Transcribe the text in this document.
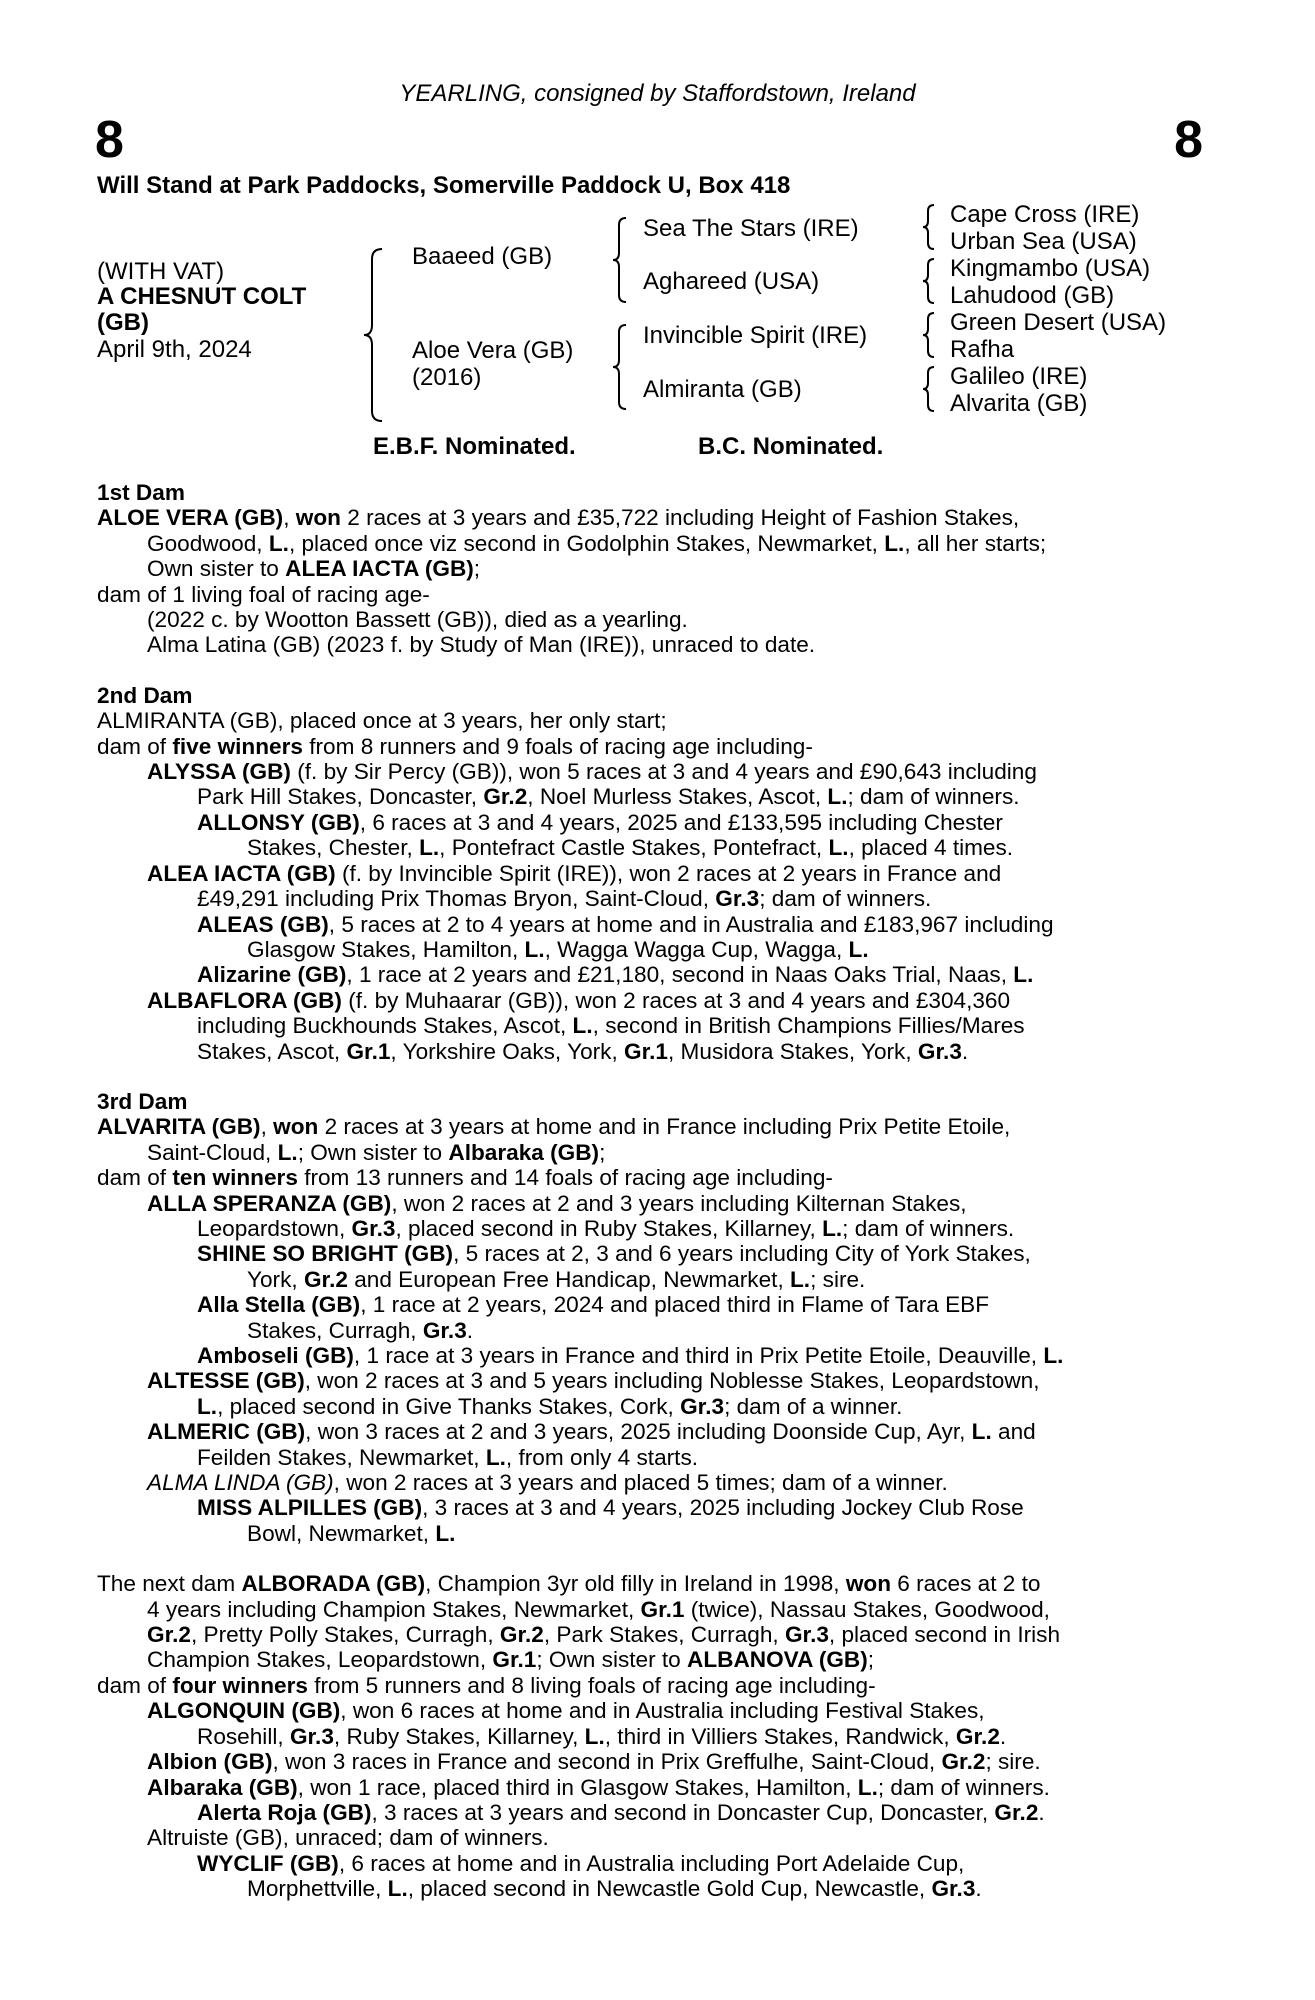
YEARLING, consigned by Staffordstown, Ireland
8	8
Will Stand at Park Paddocks, Somerville Paddock U, Box 418
(WITH VAT)
A CHESNUT COLT
(GB)
April 9th, 2024
Baaeed (GB)
Aloe Vera (GB)
(2016)
Sea The Stars (IRE)
Aghareed (USA)
Invincible Spirit (IRE)
Almiranta (GB)
Cape Cross (IRE)
Urban Sea (USA)
Kingmambo (USA)
Lahudood (GB)
Green Desert (USA)
Rafha
Galileo (IRE)
Alvarita (GB)
E.B.F. Nominated.	B.C. Nominated.

1st Dam

ALOE VERA (GB), won 2 races at 3 years and £35,722 including Height of Fashion Stakes,

Goodwood, L., placed once viz second in Godolphin Stakes, Newmarket, L., all her starts;

Own sister to ALEA IACTA (GB);

dam of 1 living foal of racing age-

(2022 c. by Wootton Bassett (GB)), died as a yearling.

Alma Latina (GB) (2023 f. by Study of Man (IRE)), unraced to date.

2nd Dam

ALMIRANTA (GB), placed once at 3 years, her only start;

dam of five winners from 8 runners and 9 foals of racing age including-

ALYSSA (GB) (f. by Sir Percy (GB)), won 5 races at 3 and 4 years and £90,643 including

Park Hill Stakes, Doncaster, Gr.2, Noel Murless Stakes, Ascot, L.; dam of winners.

ALLONSY (GB), 6 races at 3 and 4 years, 2025 and £133,595 including Chester

Stakes, Chester, L., Pontefract Castle Stakes, Pontefract, L., placed 4 times.

ALEA IACTA (GB) (f. by Invincible Spirit (IRE)), won 2 races at 2 years in France and

£49,291 including Prix Thomas Bryon, Saint-Cloud, Gr.3; dam of winners.

ALEAS (GB), 5 races at 2 to 4 years at home and in Australia and £183,967 including

Glasgow Stakes, Hamilton, L., Wagga Wagga Cup, Wagga, L.

Alizarine (GB), 1 race at 2 years and £21,180, second in Naas Oaks Trial, Naas, L.

ALBAFLORA (GB) (f. by Muhaarar (GB)), won 2 races at 3 and 4 years and £304,360

including Buckhounds Stakes, Ascot, L., second in British Champions Fillies/Mares

Stakes, Ascot, Gr.1, Yorkshire Oaks, York, Gr.1, Musidora Stakes, York, Gr.3.

3rd Dam

ALVARITA (GB), won 2 races at 3 years at home and in France including Prix Petite Etoile,

Saint-Cloud, L.; Own sister to Albaraka (GB);

dam of ten winners from 13 runners and 14 foals of racing age including-

ALLA SPERANZA (GB), won 2 races at 2 and 3 years including Kilternan Stakes,

Leopardstown, Gr.3, placed second in Ruby Stakes, Killarney, L.; dam of winners.

SHINE SO BRIGHT (GB), 5 races at 2, 3 and 6 years including City of York Stakes,

York, Gr.2 and European Free Handicap, Newmarket, L.; sire.

Alla Stella (GB), 1 race at 2 years, 2024 and placed third in Flame of Tara EBF

Stakes, Curragh, Gr.3.

Amboseli (GB), 1 race at 3 years in France and third in Prix Petite Etoile, Deauville, L.

ALTESSE (GB), won 2 races at 3 and 5 years including Noblesse Stakes, Leopardstown,

L., placed second in Give Thanks Stakes, Cork, Gr.3; dam of a winner.

ALMERIC (GB), won 3 races at 2 and 3 years, 2025 including Doonside Cup, Ayr, L. and

Feilden Stakes, Newmarket, L., from only 4 starts.

ALMA LINDA (GB), won 2 races at 3 years and placed 5 times; dam of a winner.

MISS ALPILLES (GB), 3 races at 3 and 4 years, 2025 including Jockey Club Rose

Bowl, Newmarket, L.

The next dam ALBORADA (GB), Champion 3yr old filly in Ireland in 1998, won 6 races at 2 to

4 years including Champion Stakes, Newmarket, Gr.1 (twice), Nassau Stakes, Goodwood,

Gr.2, Pretty Polly Stakes, Curragh, Gr.2, Park Stakes, Curragh, Gr.3, placed second in Irish

Champion Stakes, Leopardstown, Gr.1; Own sister to ALBANOVA (GB);

dam of four winners from 5 runners and 8 living foals of racing age including-

ALGONQUIN (GB), won 6 races at home and in Australia including Festival Stakes,

Rosehill, Gr.3, Ruby Stakes, Killarney, L., third in Villiers Stakes, Randwick, Gr.2.

Albion (GB), won 3 races in France and second in Prix Greffulhe, Saint-Cloud, Gr.2; sire.

Albaraka (GB), won 1 race, placed third in Glasgow Stakes, Hamilton, L.; dam of winners.

Alerta Roja (GB), 3 races at 3 years and second in Doncaster Cup, Doncaster, Gr.2.

Altruiste (GB), unraced; dam of winners.

WYCLIF (GB), 6 races at home and in Australia including Port Adelaide Cup,

Morphettville, L., placed second in Newcastle Gold Cup, Newcastle, Gr.3.
